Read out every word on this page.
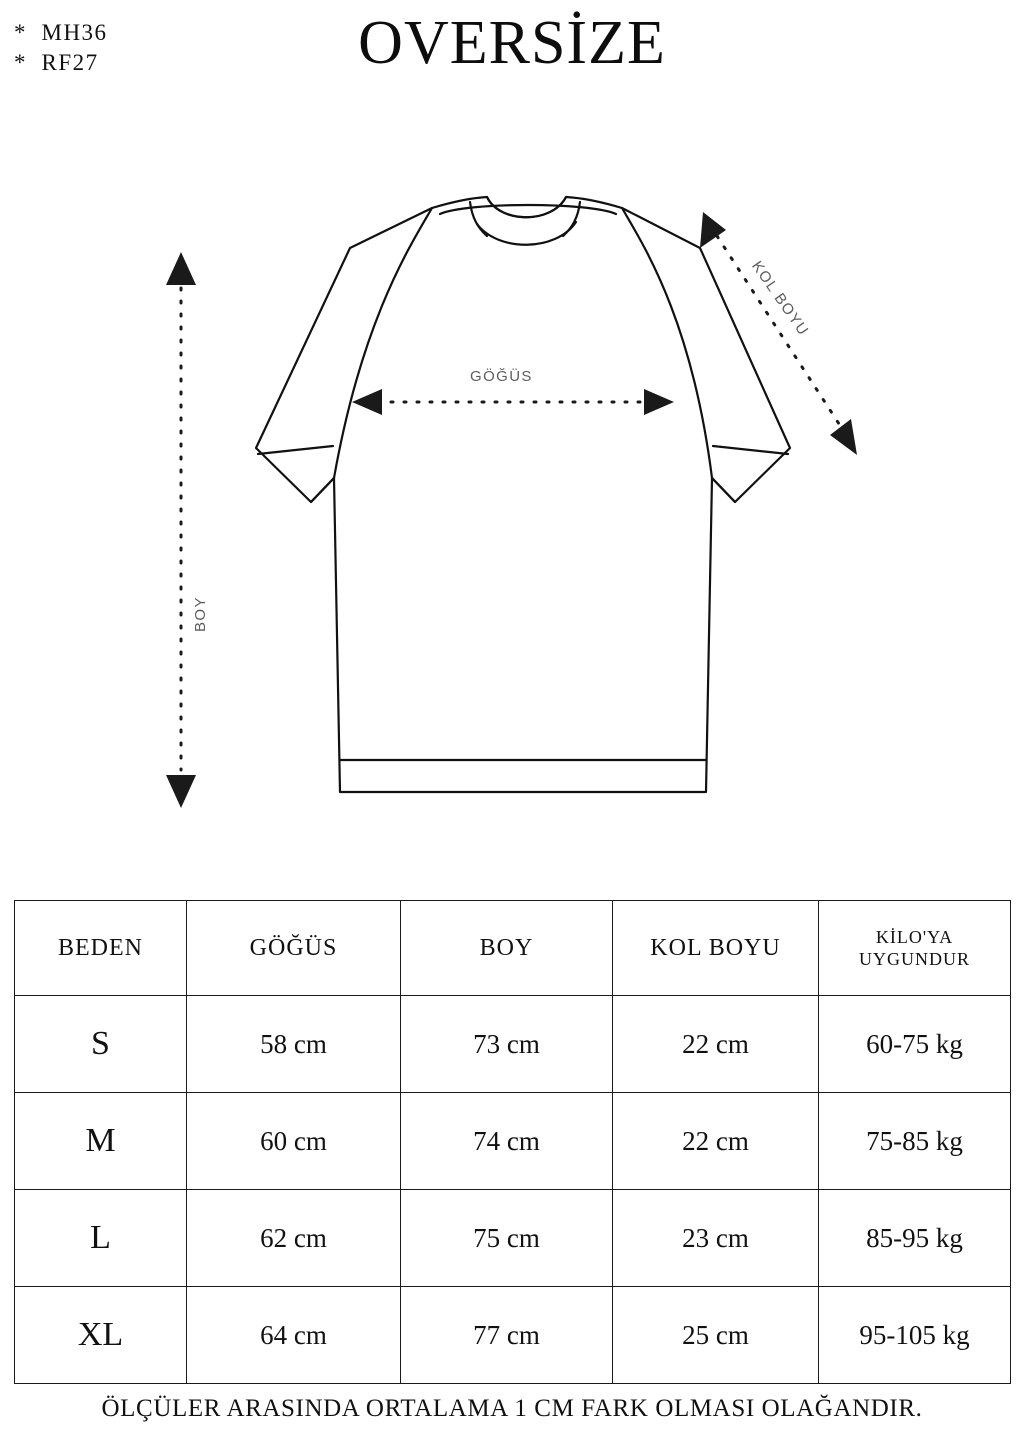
*  MH36
*  RF27	OVERSİZE
GÖĞÜS
BOY
KOL BOYU
BEDEN	GÖĞÜS	BOY	KOL BOYU	KİLO'YA
UYGUNDUR
S	58 cm	73 cm	22 cm	60-75 kg
M	60 cm	74 cm	22 cm	75-85 kg
L	62 cm	75 cm	23 cm	85-95 kg
XL	64 cm	77 cm	25 cm	95-105 kg
ÖLÇÜLER ARASINDA ORTALAMA 1 CM FARK OLMASI OLAĞANDIR.
